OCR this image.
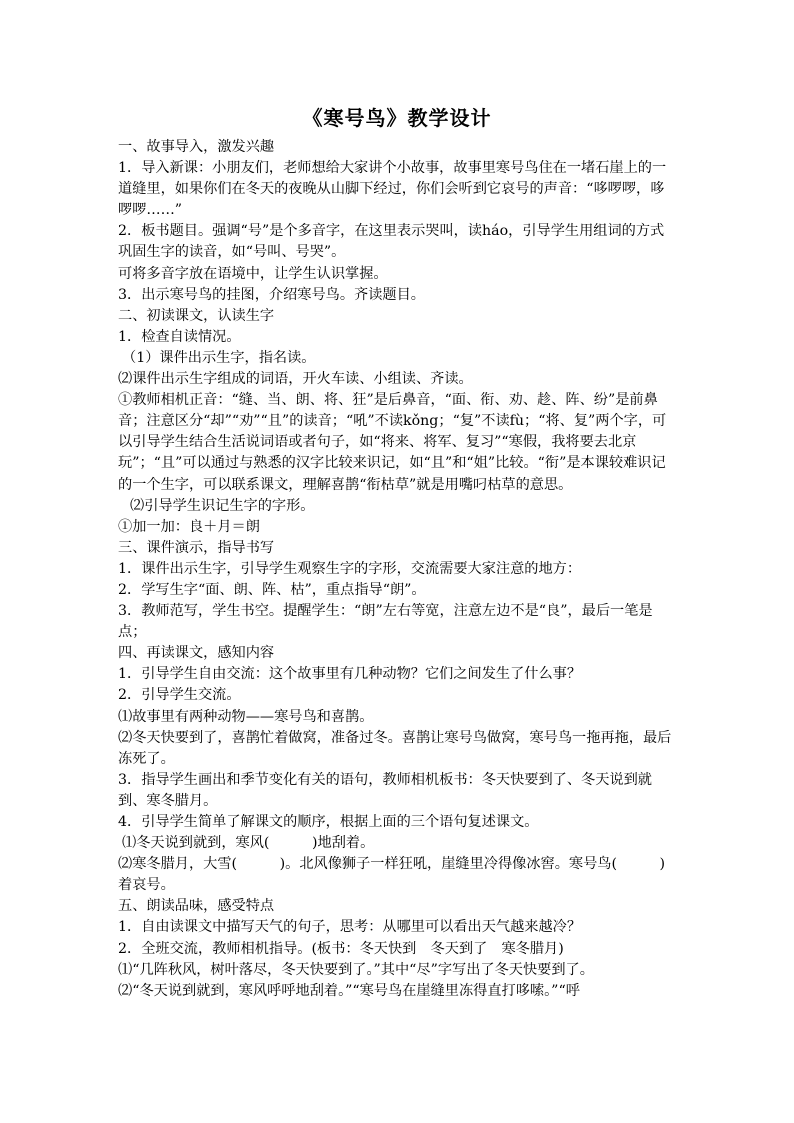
《寒号鸟》教学设计

一、故事导入，激发兴趣

1．导入新课：小朋友们，老师想给大家讲个小故事，故事里寒号鸟住在一堵石崖上的一道缝里，如果你们在冬天的夜晚从山脚下经过，你们会听到它哀号的声音：“哆啰啰，哆啰啰……”

2．板书题目。强调“号”是个多音字，在这里表示哭叫，读háo，引导学生用组词的方式巩固生字的读音，如“号叫、号哭”。

可将多音字放在语境中，让学生认识掌握。

3．出示寒号鸟的挂图，介绍寒号鸟。齐读题目。

二、初读课文，认读生字

1．检查自读情况。

（1）课件出示生字，指名读。

⑵课件出示生字组成的词语，开火车读、小组读、齐读。

①教师相机正音：“缝、当、朗、将、狂”是后鼻音，“面、衔、劝、趁、阵、纷”是前鼻音；注意区分“却”“劝”“且”的读音；“吼”不读kǒng；“复”不读fù；“将、复”两个字，可以引导学生结合生活说词语或者句子，如“将来、将军、复习”“寒假，我将要去北京玩”；“且”可以通过与熟悉的汉字比较来识记，如“且”和“姐”比较。“衔”是本课较难识记的一个生字，可以联系课文，理解喜鹊“衔枯草”就是用嘴叼枯草的意思。

⑵引导学生识记生字的字形。

①加一加：良＋月＝朗

三、课件演示，指导书写

1．课件出示生字，引导学生观察生字的字形，交流需要大家注意的地方：

2．学写生字“面、朗、阵、枯”，重点指导“朗”。

3．教师范写，学生书空。提醒学生：“朗”左右等宽，注意左边不是“良”，最后一笔是点；

四、再读课文，感知内容

1．引导学生自由交流：这个故事里有几种动物？它们之间发生了什么事？

2．引导学生交流。

⑴故事里有两种动物——寒号鸟和喜鹊。

⑵冬天快要到了，喜鹊忙着做窝，准备过冬。喜鹊让寒号鸟做窝，寒号鸟一拖再拖，最后冻死了。

3．指导学生画出和季节变化有关的语句，教师相机板书：冬天快要到了、冬天说到就到、寒冬腊月。

4．引导学生简单了解课文的顺序，根据上面的三个语句复述课文。

⑴冬天说到就到，寒风(　　　)地刮着。

⑵寒冬腊月，大雪(　　　)。北风像狮子一样狂吼，崖缝里冷得像冰窖。寒号鸟(　　　)着哀号。

五、朗读品味，感受特点

1．自由读课文中描写天气的句子，思考：从哪里可以看出天气越来越冷？

2．全班交流，教师相机指导。(板书：冬天快到　冬天到了　寒冬腊月)

⑴“几阵秋风，树叶落尽，冬天快要到了。”其中“尽”字写出了冬天快要到了。

⑵“冬天说到就到，寒风呼呼地刮着。”“寒号鸟在崖缝里冻得直打哆嗦。”“呼
